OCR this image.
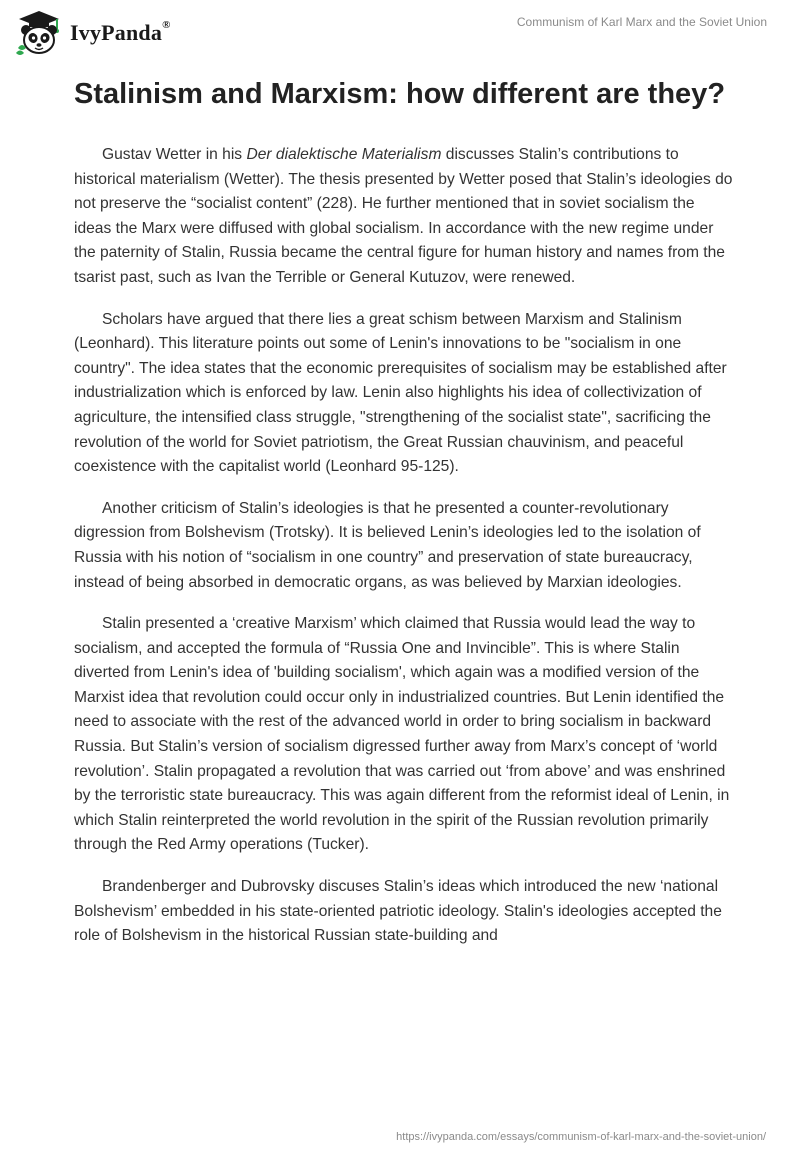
IvyPanda®	Communism of Karl Marx and the Soviet Union
Stalinism and Marxism: how different are they?

Gustav Wetter in his Der dialektische Materialism discusses Stalin’s contributions to historical materialism (Wetter). The thesis presented by Wetter posed that Stalin’s ideologies do not preserve the “socialist content” (228). He further mentioned that in soviet socialism the ideas the Marx were diffused with global socialism. In accordance with the new regime under the paternity of Stalin, Russia became the central figure for human history and names from the tsarist past, such as Ivan the Terrible or General Kutuzov, were renewed.

Scholars have argued that there lies a great schism between Marxism and Stalinism (Leonhard). This literature points out some of Lenin's innovations to be "socialism in one country". The idea states that the economic prerequisites of socialism may be established after industrialization which is enforced by law. Lenin also highlights his idea of collectivization of agriculture, the intensified class struggle, "strengthening of the socialist state", sacrificing the revolution of the world for Soviet patriotism, the Great Russian chauvinism, and peaceful coexistence with the capitalist world (Leonhard 95-125).

Another criticism of Stalin’s ideologies is that he presented a counter-revolutionary digression from Bolshevism (Trotsky). It is believed Lenin’s ideologies led to the isolation of Russia with his notion of “socialism in one country” and preservation of state bureaucracy, instead of being absorbed in democratic organs, as was believed by Marxian ideologies.

Stalin presented a ‘creative Marxism’ which claimed that Russia would lead the way to socialism, and accepted the formula of “Russia One and Invincible”. This is where Stalin diverted from Lenin's idea of 'building socialism', which again was a modified version of the Marxist idea that revolution could occur only in industrialized countries. But Lenin identified the need to associate with the rest of the advanced world in order to bring socialism in backward Russia. But Stalin’s version of socialism digressed further away from Marx’s concept of ‘world revolution’. Stalin propagated a revolution that was carried out ‘from above’ and was enshrined by the terroristic state bureaucracy. This was again different from the reformist ideal of Lenin, in which Stalin reinterpreted the world revolution in the spirit of the Russian revolution primarily through the Red Army operations (Tucker).

Brandenberger and Dubrovsky discuses Stalin’s ideas which introduced the new ‘national Bolshevism’ embedded in his state-oriented patriotic ideology. Stalin's ideologies accepted the role of Bolshevism in the historical Russian state-building and

https://ivypanda.com/essays/communism-of-karl-marx-and-the-soviet-union/
